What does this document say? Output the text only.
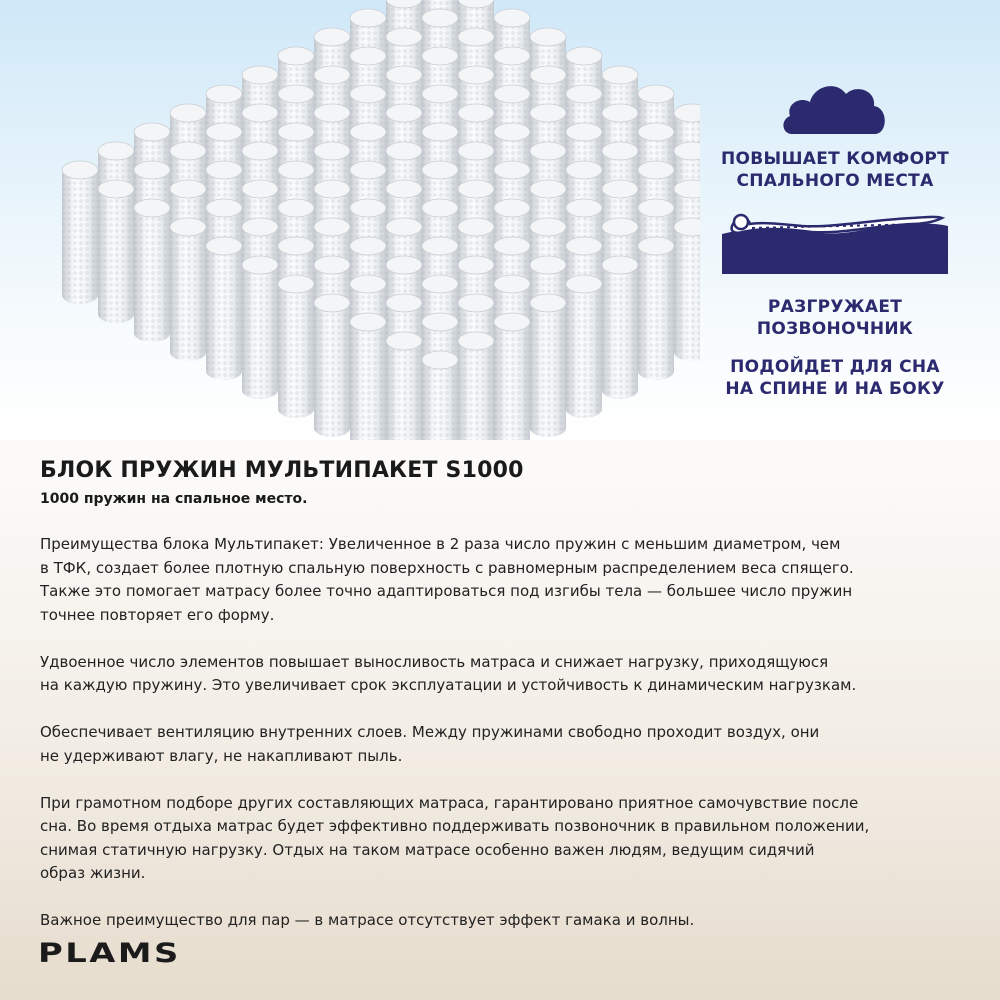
ПОВЫШАЕТ КОМФОРТ
СПАЛЬНОГО МЕСТА

РАЗГРУЖАЕТ
ПОЗВОНОЧНИК

ПОДОЙДЕТ ДЛЯ СНА
НА СПИНЕ И НА БОКУ

БЛОК ПРУЖИН МУЛЬТИПАКЕТ S1000

1000 пружин на спальное место.

Преимущества блока Мультипакет: Увеличенное в 2 раза число пружин с меньшим диаметром, чем
в ТФК, создает более плотную спальную поверхность с равномерным распределением веса спящего.
Также это помогает матрасу более точно адаптироваться под изгибы тела — большее число пружин
точнее повторяет его форму.

Удвоенное число элементов повышает выносливость матраса и снижает нагрузку, приходящуюся
на каждую пружину. Это увеличивает срок эксплуатации и устойчивость к динамическим нагрузкам.

Обеспечивает вентиляцию внутренних слоев. Между пружинами свободно проходит воздух, они
не удерживают влагу, не накапливают пыль.

При грамотном подборе других составляющих матраса, гарантировано приятное самочувствие после
сна. Во время отдыха матрас будет эффективно поддерживать позвоночник в правильном положении,
снимая статичную нагрузку. Отдых на таком матрасе особенно важен людям, ведущим сидячий
образ жизни.

Важное преимущество для пар — в матрасе отсутствует эффект гамака и волны.

PLAMS
